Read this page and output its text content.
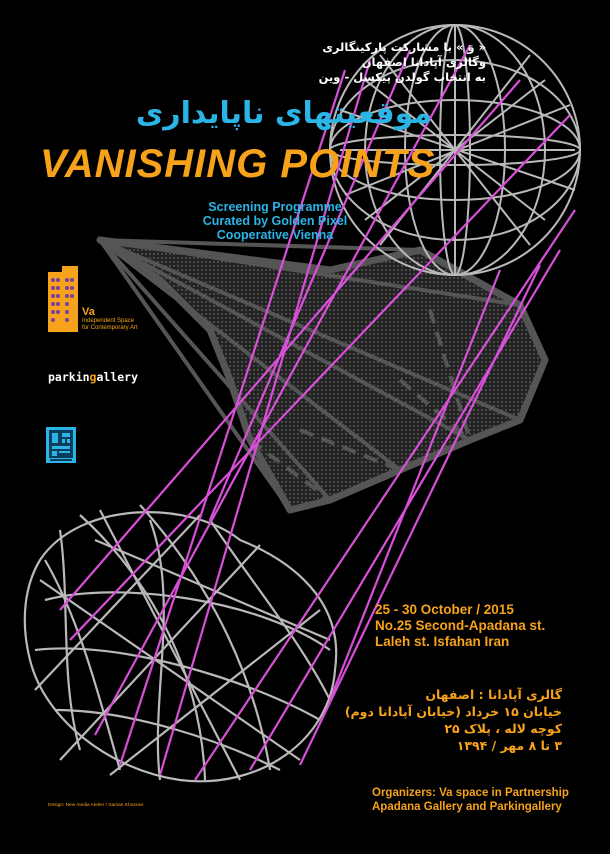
« وَ » با مشارکت پارکینگالری
وگالری آپادانا اصفهان
به انتخاب گولدن پیکسل - وین
موقعیتهای ناپایداری
VANISHING POINTS
Screening Programme
Curated by Golden Pixel
Cooperative Vienna
Va
Independent Space
for Contemporary Art
parkingallery
25 - 30 October / 2015
No.25 Second-Apadana st.
Laleh st. Isfahan Iran
گالری آپادانا : اصفهان
خیابان ۱۵ خرداد (خیابان آپادانا دوم)
کوچه لاله ، پلاک ۲۵
۳ تا ۸ مهر / ۱۳۹۴
Organizers: Va space in Partnership
Apadana Gallery and Parkingallery
Design: New media Atelier / Saman Khosravi
